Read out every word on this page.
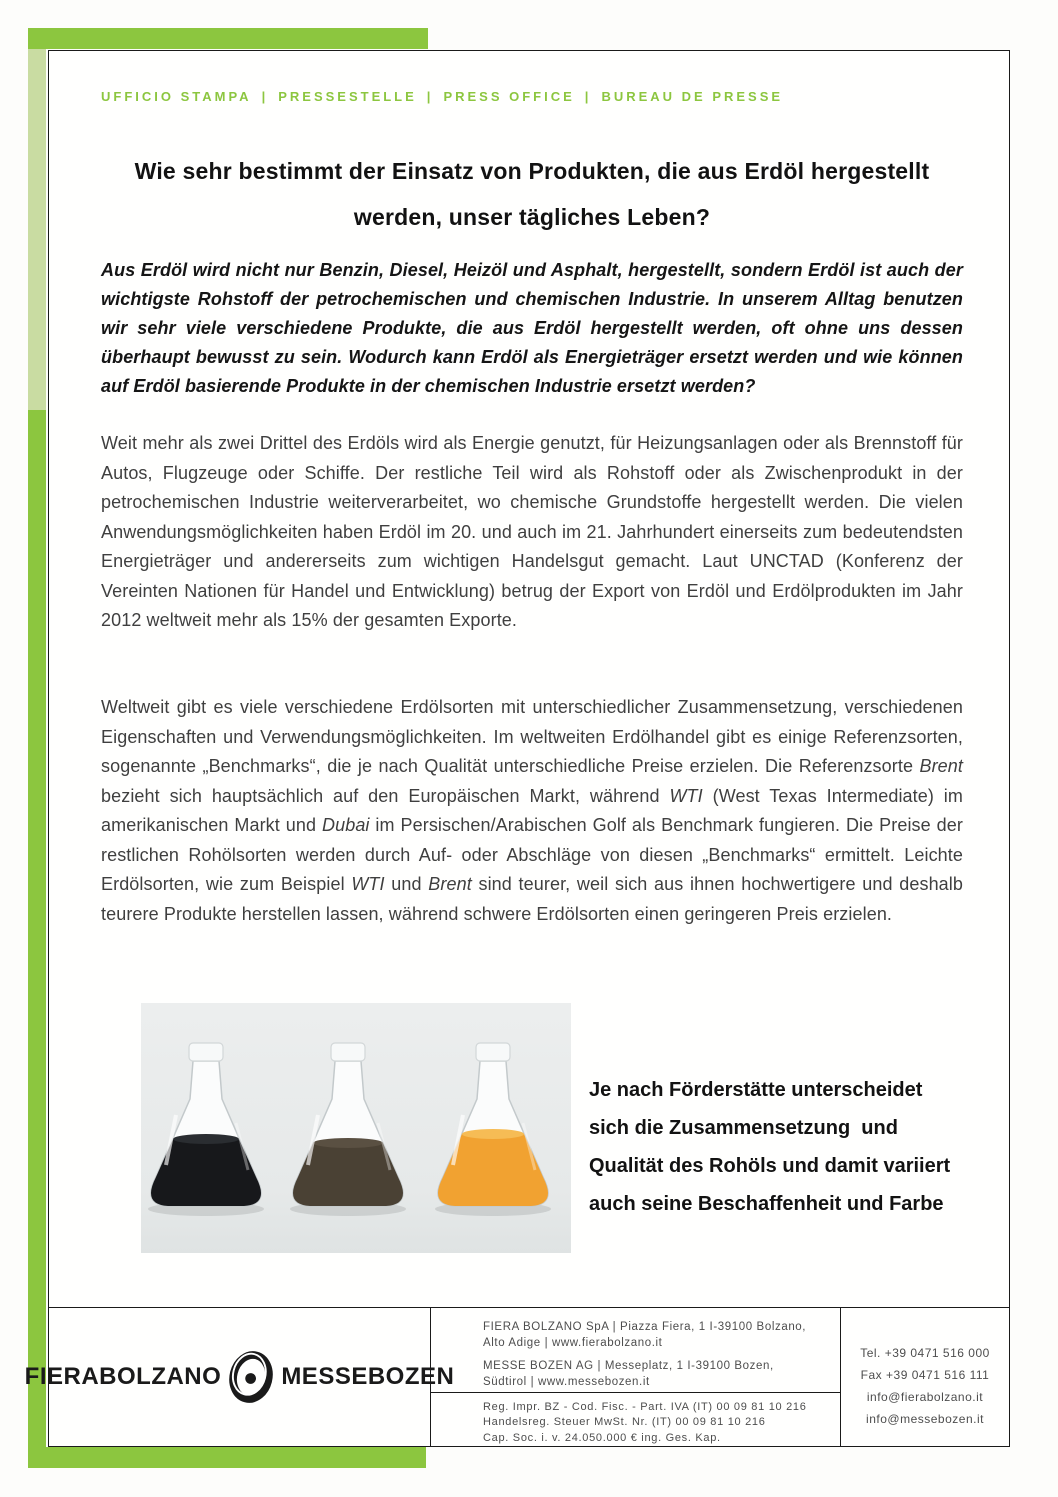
UFFICIO STAMPA | PRESSESTELLE | PRESS OFFICE | BUREAU DE PRESSE
Wie sehr bestimmt der Einsatz von Produkten, die aus Erdöl hergestellt
werden, unser tägliches Leben?

Aus Erdöl wird nicht nur Benzin, Diesel, Heizöl und Asphalt, hergestellt, sondern Erdöl ist auch der wichtigste Rohstoff der petrochemischen und chemischen Industrie. In unserem Alltag benutzen wir sehr viele verschiedene Produkte, die aus Erdöl hergestellt werden, oft ohne uns dessen überhaupt bewusst zu sein. Wodurch kann Erdöl als Energieträger ersetzt werden und wie können auf Erdöl basierende Produkte in der chemischen Industrie ersetzt werden?

Weit mehr als zwei Drittel des Erdöls wird als Energie genutzt, für Heizungsanlagen oder als Brennstoff für Autos, Flugzeuge oder Schiffe. Der restliche Teil wird als Rohstoff oder als Zwischenprodukt in der petrochemischen Industrie weiterverarbeitet, wo chemische Grundstoffe hergestellt werden. Die vielen Anwendungsmöglichkeiten haben Erdöl im 20. und auch im 21. Jahrhundert einerseits zum bedeutendsten Energieträger und andererseits zum wichtigen Handelsgut gemacht. Laut UNCTAD (Konferenz der Vereinten Nationen für Handel und Entwicklung) betrug der Export von Erdöl und Erdölprodukten im Jahr 2012 weltweit mehr als 15% der gesamten Exporte.

Weltweit gibt es viele verschiedene Erdölsorten mit unterschiedlicher Zusammensetzung, verschiedenen Eigenschaften und Verwendungsmöglichkeiten. Im weltweiten Erdölhandel gibt es einige Referenzsorten, sogenannte „Benchmarks“, die je nach Qualität unterschiedliche Preise erzielen. Die Referenzsorte Brent bezieht sich hauptsächlich auf den Europäischen Markt, während WTI (West Texas Intermediate) im amerikanischen Markt und Dubai im Persischen/Arabischen Golf als Benchmark fungieren. Die Preise der restlichen Rohölsorten werden durch Auf- oder Abschläge von diesen „Benchmarks“ ermittelt. Leichte Erdölsorten, wie zum Beispiel WTI und Brent sind teurer, weil sich aus ihnen hochwertigere und deshalb teurere Produkte herstellen lassen, während schwere Erdölsorten einen geringeren Preis erzielen.

Je nach Förderstätte unterscheidet
sich die Zusammensetzung  und
Qualität des Rohöls und damit variiert
auch seine Beschaffenheit und Farbe
FIERABOLZANO	MESSEBOZEN
FIERA BOLZANO SpA | Piazza Fiera, 1 I-39100 Bolzano,
Alto Adige | www.fierabolzano.it
MESSE BOZEN AG | Messeplatz, 1 I-39100 Bozen,
Südtirol | www.messebozen.it
Reg. Impr. BZ - Cod. Fisc. - Part. IVA (IT) 00 09 81 10 216
Handelsreg. Steuer MwSt. Nr. (IT) 00 09 81 10 216
Cap. Soc. i. v. 24.050.000 € ing. Ges. Kap.
Tel. +39 0471 516 000
Fax +39 0471 516 111
info@fierabolzano.it
info@messebozen.it
